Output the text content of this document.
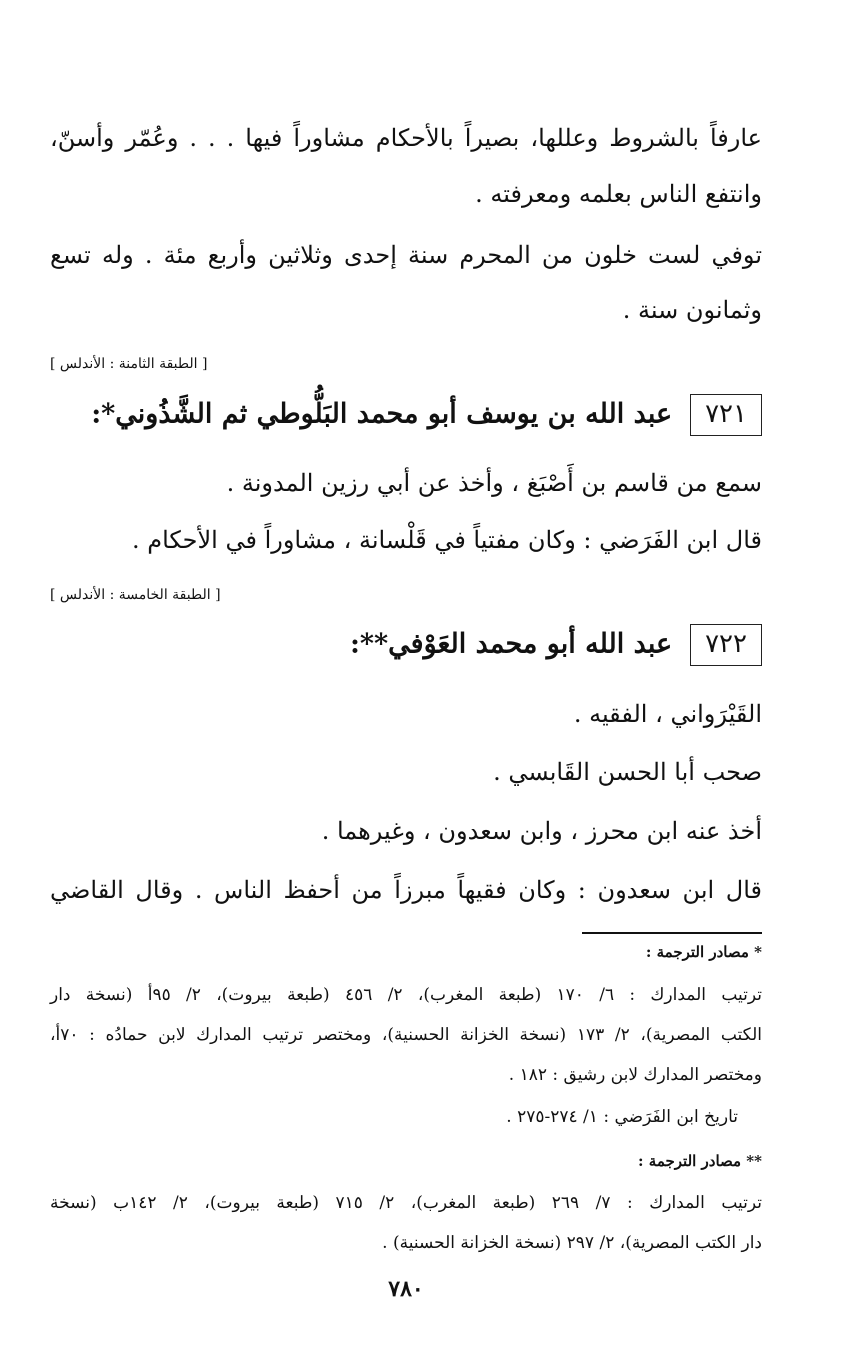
عارفاً بالشروط وعللها، بصيراً بالأحكام مشاوراً فيها . . . وعُمّر وأسنّ،
وانتفع الناس بعلمه ومعرفته .
توفي لست خلون من المحرم سنة إحدى وثلاثين وأربع مئة . وله تسع
وثمانون سنة .
[ الطبقة الثامنة : الأندلس ]
٧٢١عبد الله بن يوسف أبو محمد البَلُّوطي ثم الشَّذُوني*:
سمع من قاسم بن أَصْبَغ ، وأخذ عن أبي رزين المدونة .
قال ابن الفَرَضي : وكان مفتياً في قَلْسانة ، مشاوراً في الأحكام .
[ الطبقة الخامسة : الأندلس ]
٧٢٢عبد الله أبو محمد العَوْفي**:
القَيْرَواني ، الفقيه .
صحب أبا الحسن القَابسي .
أخذ عنه ابن محرز ، وابن سعدون ، وغيرهما .
قال ابن سعدون : وكان فقيهاً مبرزاً من أحفظ الناس . وقال القاضي
* مصادر الترجمة :
ترتيب المدارك : ٦/ ١٧٠ (طبعة المغرب)، ٢/ ٤٥٦ (طبعة بيروت)، ٢/ ٩٥أ (نسخة دار
الكتب المصرية)، ٢/ ١٧٣ (نسخة الخزانة الحسنية)، ومختصر ترتيب المدارك لابن حمادُه : ٧٠أ،
ومختصر المدارك لابن رشيق : ١٨٢ .
تاريخ ابن الفَرَضي : ١/ ٢٧٤-٢٧٥ .
** مصادر الترجمة :
ترتيب المدارك : ٧/ ٢٦٩ (طبعة المغرب)، ٢/ ٧١٥ (طبعة بيروت)، ٢/ ١٤٢ب (نسخة
دار الكتب المصرية)، ٢/ ٢٩٧ (نسخة الخزانة الحسنية) .
٧٨٠
